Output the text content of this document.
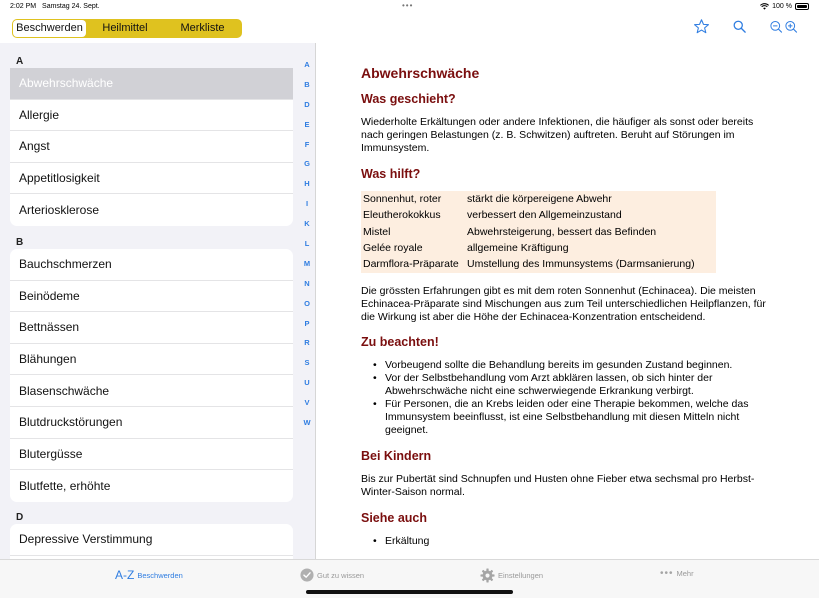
2:02 PM Samstag 24. Sept.	•••	100 %
Beschwerden	Heilmittel	Merkliste
A
Abwehrschwäche
Allergie
Angst
Appetitlosigkeit
Arteriosklerose
B
Bauchschmerzen
Beinödeme
Bettnässen
Blähungen
Blasenschwäche
Blutdruckstörungen
Blutergüsse
Blutfette, erhöhte
D
Depressive Verstimmung
A
B
D
E
F
G
H
I
K
L
M
N
O
P
R
S
U
V
W
Abwehrschwäche
Was geschieht?

Wiederholte Erkältungen oder andere Infektionen, die häufiger als sonst oder bereits nach geringen Belastungen (z. B. Schwitzen) auftreten. Beruht auf Störungen im Immunsystem.

Was hilft?
Sonnenhut, roter	stärkt die körpereigene Abwehr
Eleutherokokkus	verbessert den Allgemeinzustand
Mistel	Abwehrsteigerung, bessert das Befinden
Gelée royale	allgemeine Kräftigung
Darmflora-Präparate	Umstellung des Immunsystems (Darmsanierung)

Die grössten Erfahrungen gibt es mit dem roten Sonnenhut (Echinacea). Die meisten Echinacea-Präparate sind Mischungen aus zum Teil unterschiedlichen Heilpflanzen, für die Wirkung ist aber die Höhe der Echinacea-Konzentration entscheidend.

Zu beachten!
• Vorbeugend sollte die Behandlung bereits im gesunden Zustand beginnen.
• Vor der Selbstbehandlung vom Arzt abklären lassen, ob sich hinter der Abwehrschwäche nicht eine schwerwiegende Erkrankung verbirgt.
• Für Personen, die an Krebs leiden oder eine Therapie bekommen, welche das Immunsystem beeinflusst, ist eine Selbstbehandlung mit diesen Mitteln nicht geeignet.
Bei Kindern

Bis zur Pubertät sind Schnupfen und Husten ohne Fieber etwa sechsmal pro Herbst-Winter-Saison normal.

Siehe auch
• Erkältung
A-Z Beschwerden	Gut zu wissen	Einstellungen	••• Mehr
